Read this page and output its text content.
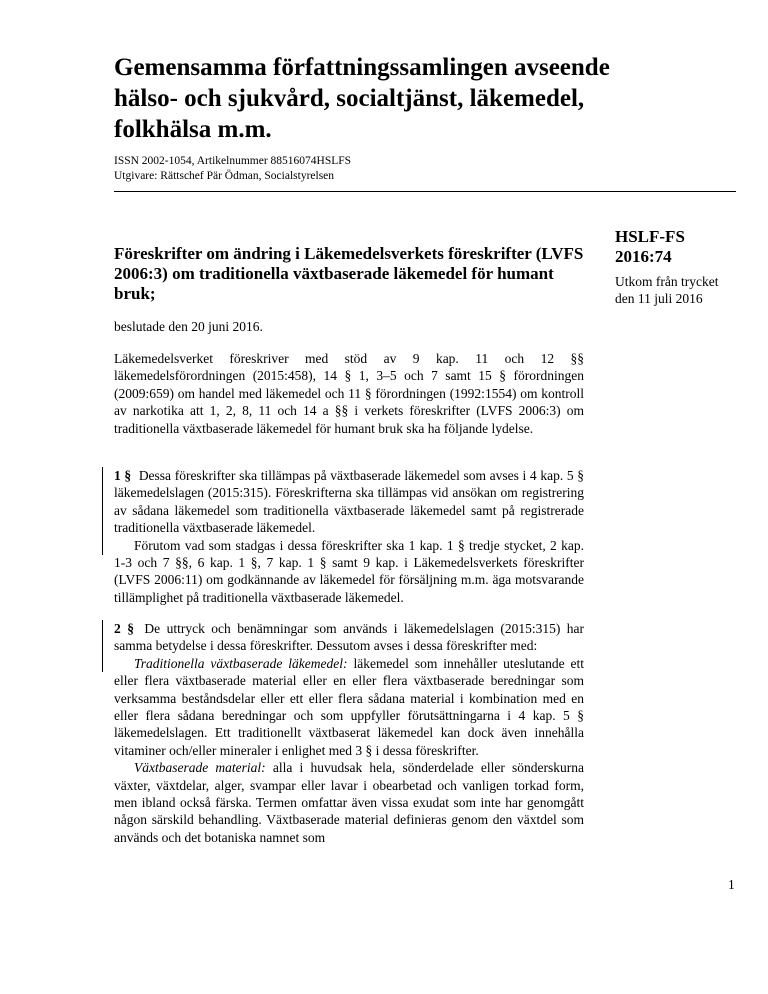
Gemensamma författningssamlingen avseende hälso- och sjukvård, socialtjänst, läkemedel, folkhälsa m.m.
ISSN 2002-1054, Artikelnummer 88516074HSLFS
Utgivare: Rättschef Pär Ödman, Socialstyrelsen
Föreskrifter om ändring i Läkemedelsverkets föreskrifter (LVFS 2006:3) om traditionella växtbaserade läkemedel för humant bruk;
HSLF-FS
2016:74
Utkom från trycket
den 11 juli 2016

beslutade den 20 juni 2016.

Läkemedelsverket föreskriver med stöd av 9 kap. 11 och 12 §§ läkemedelsförordningen (2015:458), 14 § 1, 3–5 och 7 samt 15 § förordningen (2009:659) om handel med läkemedel och 11 § förordningen (1992:1554) om kontroll av narkotika att 1, 2, 8, 11 och 14 a §§ i verkets föreskrifter (LVFS 2006:3) om traditionella växtbaserade läkemedel för humant bruk ska ha följande lydelse.

1 § Dessa föreskrifter ska tillämpas på växtbaserade läkemedel som avses i 4 kap. 5 § läkemedelslagen (2015:315). Föreskrifterna ska tillämpas vid ansökan om registrering av sådana läkemedel som traditionella växtbaserade läkemedel samt på registrerade traditionella växtbaserade läkemedel.

Förutom vad som stadgas i dessa föreskrifter ska 1 kap. 1 § tredje stycket, 2 kap. 1-3 och 7 §§, 6 kap. 1 §, 7 kap. 1 § samt 9 kap. i Läkemedelsverkets föreskrifter (LVFS 2006:11) om godkännande av läkemedel för försäljning m.m. äga motsvarande tillämplighet på traditionella växtbaserade läkemedel.

2 § De uttryck och benämningar som används i läkemedelslagen (2015:315) har samma betydelse i dessa föreskrifter. Dessutom avses i dessa föreskrifter med:

Traditionella växtbaserade läkemedel: läkemedel som innehåller uteslutande ett eller flera växtbaserade material eller en eller flera växtbaserade beredningar som verksamma beståndsdelar eller ett eller flera sådana material i kombination med en eller flera sådana beredningar och som uppfyller förutsättningarna i 4 kap. 5 § läkemedelslagen. Ett traditionellt växtbaserat läkemedel kan dock även innehålla vitaminer och/eller mineraler i enlighet med 3 § i dessa föreskrifter.

Växtbaserade material: alla i huvudsak hela, sönderdelade eller sönderskurna växter, växtdelar, alger, svampar eller lavar i obearbetad och vanligen torkad form, men ibland också färska. Termen omfattar även vissa exudat som inte har genomgått någon särskild behandling. Växtbaserade material definieras genom den växtdel som används och det botaniska namnet som

1
